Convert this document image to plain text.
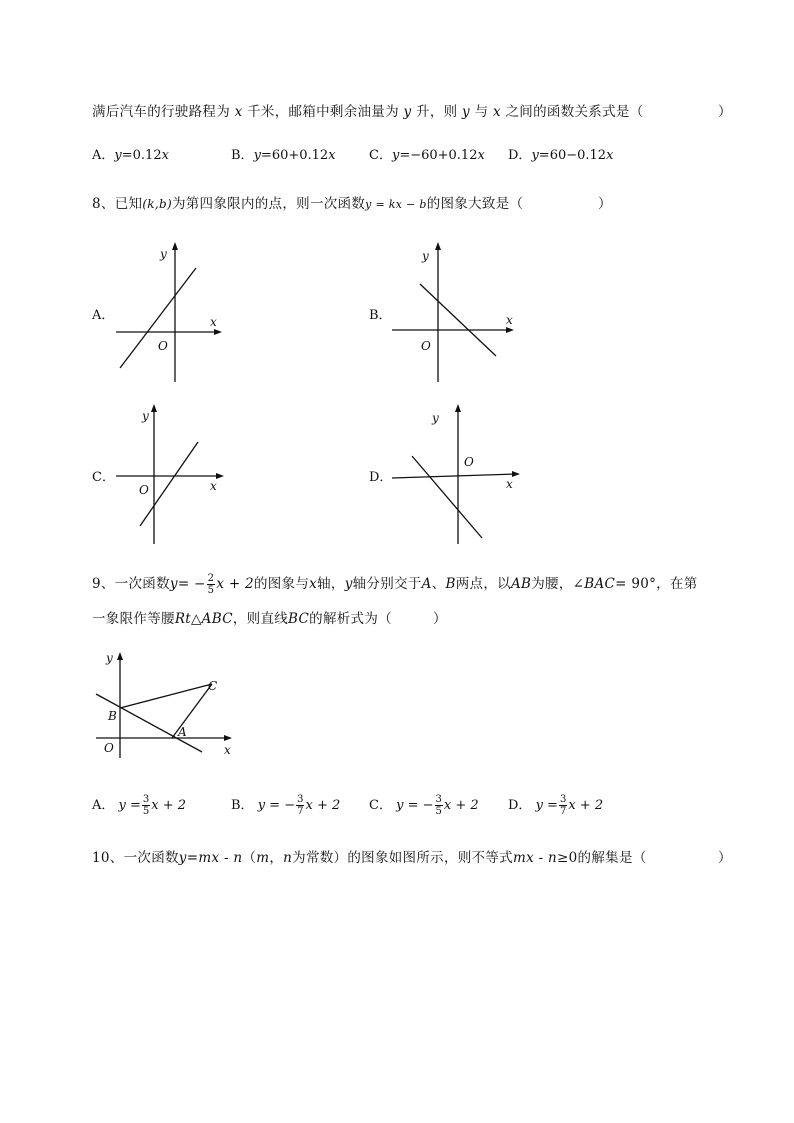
满后汽车的行驶路程为 x 千米，邮箱中剩余油量为 y 升，则 y 与 x 之间的函数关系式是（	）
A．y=0.12x	B．y=60+0.12x	C．y=−60+0.12x D．y=60−0.12x
8、已知(k,b)为第四象限内的点，则一次函数y = kx − b的图象大致是（	）
A．
y
x
O
B．
y
x
O
C．
y
x
O
D．
y
x
O
9、一次函数$y= - \frac{2}{5}$ x + 2的图象与x轴，y轴分别交于A、B两点，以AB为腰，∠BAC= 90°，在第
一象限作等腰Rt△ABC，则直线BC的解析式为（	）
y
x
O
B
C
A
A． $y = \frac{3}{5}$ x + 2	B． y = − $\frac{3}{7}$ x + 2 C． y = − $\frac{3}{5}$ x + 2 D． $y = \frac{3}{7}$ x + 2
10、一次函数y=mx - n（m，n为常数）的图象如图所示，则不等式mx - n≥0的解集是（	）
